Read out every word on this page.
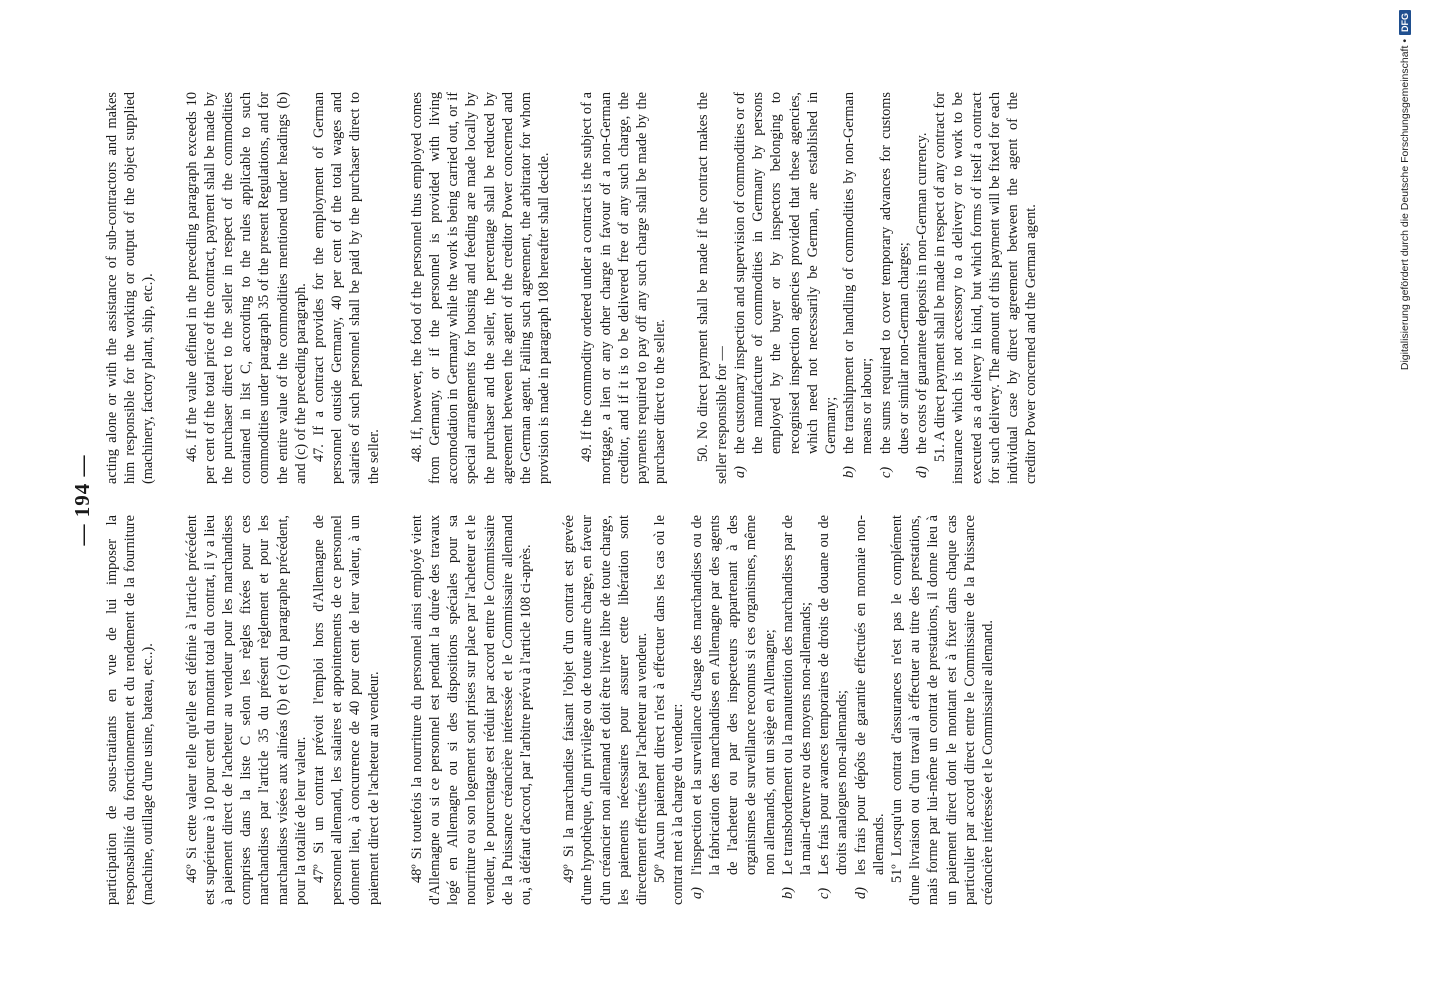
— 194 —

participation de sous-traitants en vue de lui imposer la responsabilité du fonctionnement et du rendement de la fourniture (machine, outillage d'une usine, bateau, etc..). 46º Si cette valeur telle qu'elle est définie à l'article précédent est supérieure à 10 pour cent du montant total du contrat, il y a lieu à paiement direct de l'acheteur au vendeur pour les marchandises comprises dans la liste C selon les règles fixées pour ces marchandises par l'article 35 du présent règlement et pour les marchandises visées aux alinéas (b) et (c) du paragraphe précédent, pour la totalité de leur valeur. 47º Si un contrat prévoit l'emploi hors d'Allemagne de personnel allemand, les salaires et appointements de ce personnel donnent lieu, à concurrence de 40 pour cent de leur valeur, à un paiement direct de l'acheteur au vendeur. 48º Si toutefois la nourriture du personnel ainsi employé vient d'Allemagne ou si ce personnel est pendant la durée des travaux logé en Allemagne ou si des dispositions spéciales pour sa nourriture ou son logement sont prises sur place par l'acheteur et le vendeur, le pourcentage est réduit par accord entre le Commissaire de la Puissance créancière intéressée et le Commissaire allemand ou, à défaut d'accord, par l'arbitre prévu à l'article 108 ci-après. 49º Si la marchandise faisant l'objet d'un contrat est grevée d'une hypothèque, d'un privilège ou de toute autre charge, en faveur d'un créancier non allemand et doit être livrée libre de toute charge, les paiements nécessaires pour assurer cette libération sont directement effectués par l'acheteur au vendeur. 50º Aucun paiement direct n'est à effectuer dans les cas où le contrat met à la charge du vendeur: a)
l'inspection et la surveillance d'usage des marchandises ou de la fabrication des marchandises en Allemagne par des agents de l'acheteur ou par des inspecteurs appartenant à des organismes de surveillance reconnus si ces organismes, même non allemands, ont un siège en Allemagne;
b)
Le transbordement ou la manutention des marchandises par de la main-d'œuvre ou des moyens non-allemands;
c)
Les frais pour avances temporaires de droits de douane ou de droits analogues non-allemands;
d)
les frais pour dépôts de garantie effectués en monnaie non-allemands. 51º Lorsqu'un contrat d'assurances n'est pas le complément d'une livraison ou d'un travail à effectuer au titre des prestations, mais forme par lui-même un contrat de prestations, il donne lieu à un paiement direct dont le montant est à fixer dans chaque cas particulier par accord direct entre le Commissaire de la Puissance créancière intéressée et le Commissaire allemand.

acting alone or with the assistance of sub-contractors and makes him responsible for the working or output of the object supplied (machinery, factory plant, ship, etc.). 46. If the value defined in the preceding paragraph exceeds 10 per cent of the total price of the contract, payment shall be made by the purchaser direct to the seller in respect of the commodities contained in list C, according to the rules applicable to such commodities under paragraph 35 of the present Regulations, and for the entire value of the commodities mentioned under headings (b) and (c) of the preceding paragraph. 47. If a contract provides for the employment of German personnel outside Germany, 40 per cent of the total wages and salaries of such personnel shall be paid by the purchaser direct to the seller. 48. If, however, the food of the personnel thus employed comes from Germany, or if the personnel is provided with living accomodation in Germany while the work is being carried out, or if special arrangements for housing and feeding are made locally by the purchaser and the seller, the percentage shall be reduced by agreement between the agent of the creditor Power concerned and the German agent. Failing such agreement, the arbitrator for whom provision is made in paragraph 108 hereafter shall decide. 49. If the commodity ordered under a contract is the subject of a mortgage, a lien or any other charge in favour of a non-German creditor, and if it is to be delivered free of any such charge, the payments required to pay off any such charge shall be made by the purchaser direct to the seller. 50. No direct payment shall be made if the contract makes the seller responsible for — a)
the customary inspection and supervision of commodities or of the manufacture of commodities in Germany by persons employed by the buyer or by inspectors belonging to recognised inspection agencies provided that these agencies, which need not necessarily be German, are established in Germany;
b)
the transhipment or handling of commodities by non-German means or labour;
c)
the sums required to cover temporary advances for customs dues or similar non-German charges;
d)
the costs of guarantee deposits in non-German currency. 51. A direct payment shall be made in respect of any contract for insurance which is not accessory to a delivery or to work to be executed as a delivery in kind, but which forms of itself a contract for such delivery. The amount of this payment will be fixed for each individual case by direct agreement between the agent of the creditor Power concerned and the German agent.	Digitalisierung gefördert durch die Deutsche Forschungsgemeinschaft •
DFG
